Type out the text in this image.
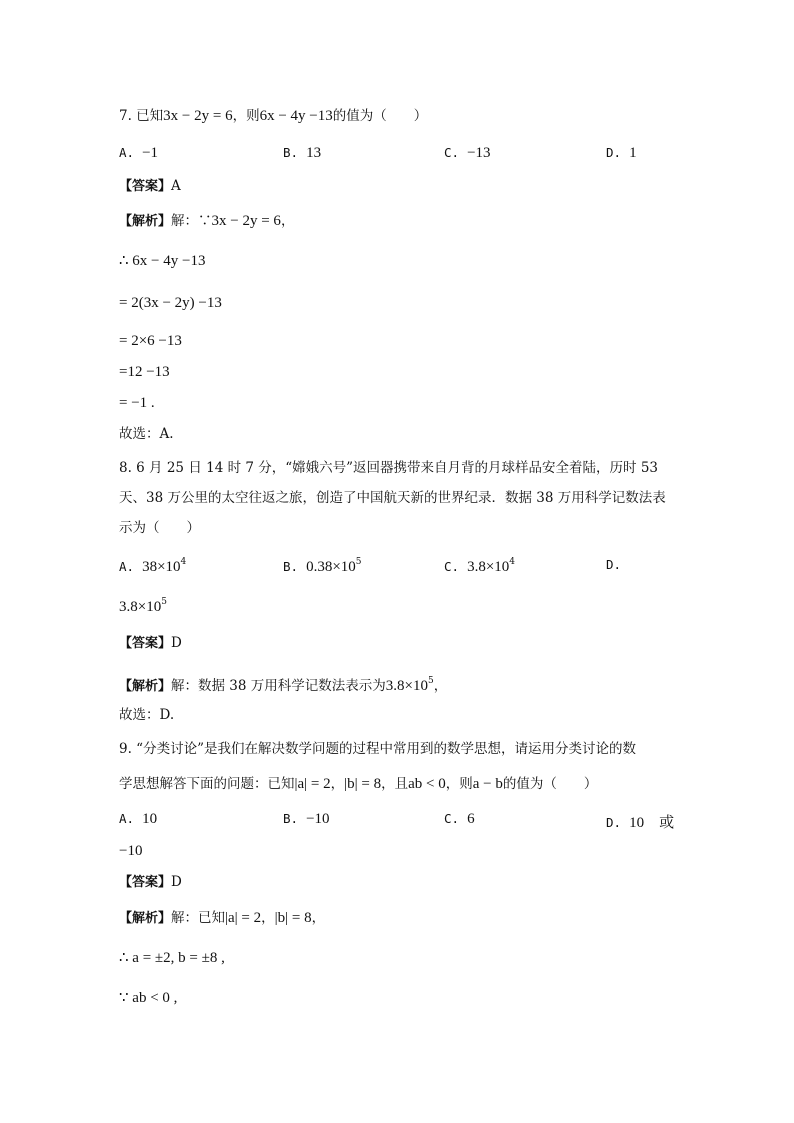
7. 已知3x − 2y = 6，则6x − 4y −13的值为（　　）
A. −1	B. 13	C. −13	D. 1
【答案】A
【解析】解：∵3x − 2y = 6，
∴ 6x − 4y −13
= 2(3x − 2y) −13
= 2×6 −13
=12 −13
= −1 .
故选：A.
8. 6 月 25 日 14 时 7 分，“嫦娥六号”返回器携带来自月背的月球样品安全着陆，历时 53
天、38 万公里的太空往返之旅，创造了中国航天新的世界纪录．数据 38 万用科学记数法表
示为（　　）
A. $38\times 10^4$	B. $0.38\times 10^5$	C. $3.8\times 10^4$	D.
$3.8\times 10^5$
【答案】D
【解析】解：数据 38 万用科学记数法表示为$3.8\times 10^5$，
故选：D.
9. “分类讨论”是我们在解决数学问题的过程中常用到的数学思想，请运用分类讨论的数
学思想解答下面的问题：已知|a| = 2，|b| = 8，且ab < 0，则a − b的值为（　　）
A. 10	B. −10	C. 6	D. 10　或
−10
【答案】D
【解析】解：已知|a| = 2，|b| = 8，
∴ a = ±2, b = ±8 ,
∵ ab < 0 ,
